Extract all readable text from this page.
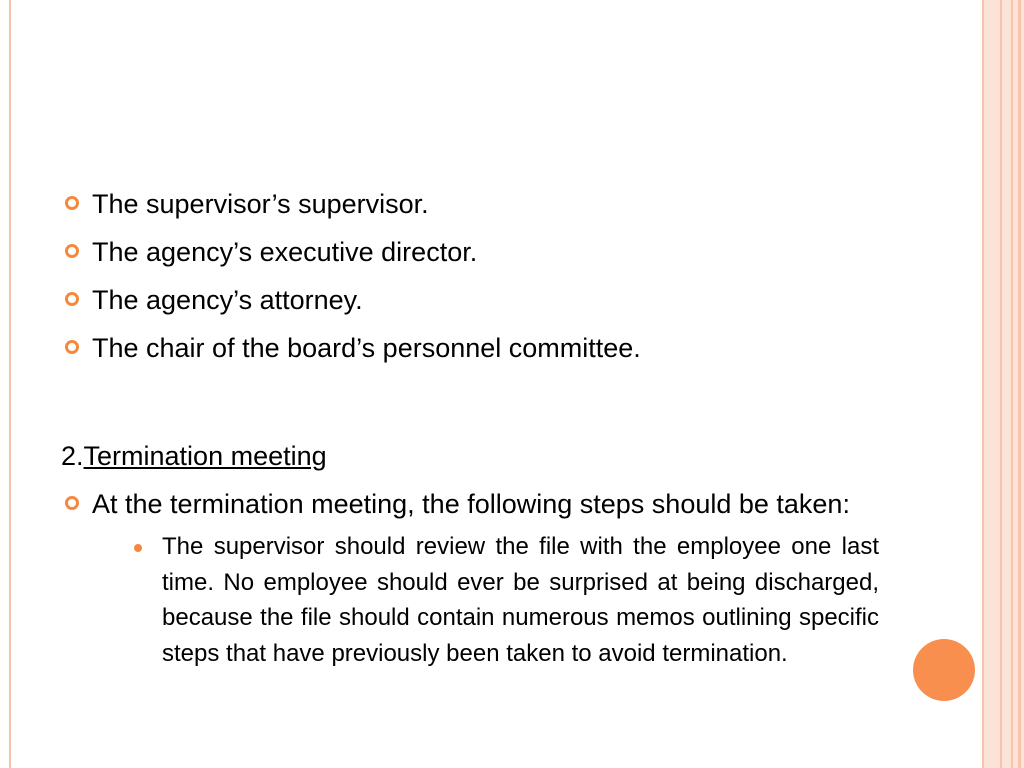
The supervisor’s supervisor.
The agency’s executive director.
The agency’s attorney.
The chair of the board’s personnel committee.
2.Termination meeting
At the termination meeting, the following steps should be taken:
The supervisor should review the file with the employee one last time. No employee should ever be surprised at being discharged, because the file should contain numerous memos outlining specific steps that have previously been taken to avoid termination.
